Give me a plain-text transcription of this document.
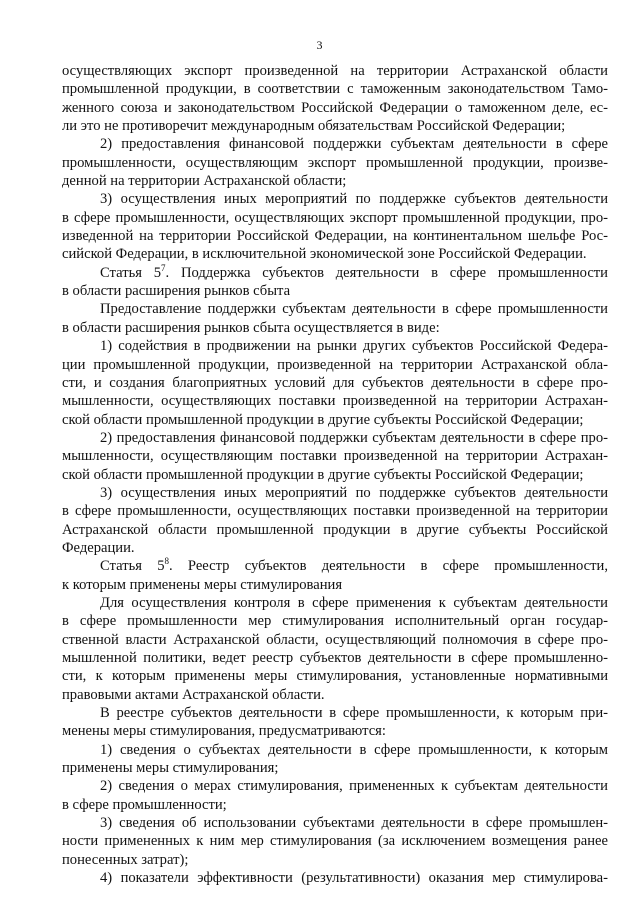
3
осуществляющих экспорт произведенной на территории Астраханской области
промышленной продукции, в соответствии с таможенным законодательством Тамо-
женного союза и законодательством Российской Федерации о таможенном деле, ес-
ли это не противоречит международным обязательствам Российской Федерации;
2) предоставления финансовой поддержки субъектам деятельности в сфере
промышленности, осуществляющим экспорт промышленной продукции, произве-
денной на территории Астраханской области;
3) осуществления иных мероприятий по поддержке субъектов деятельности
в сфере промышленности, осуществляющих экспорт промышленной продукции, про-
изведенной на территории Российской Федерации, на континентальном шельфе Рос-
сийской Федерации, в исключительной экономической зоне Российской Федерации.
Статья $5^7$. Поддержка субъектов деятельности в сфере промышленности
в области расширения рынков сбыта
Предоставление поддержки субъектам деятельности в сфере промышленности
в области расширения рынков сбыта осуществляется в виде:
1) содействия в продвижении на рынки других субъектов Российской Федера-
ции промышленной продукции, произведенной на территории Астраханской обла-
сти, и создания благоприятных условий для субъектов деятельности в сфере про-
мышленности, осуществляющих поставки произведенной на территории Астрахан-
ской области промышленной продукции в другие субъекты Российской Федерации;
2) предоставления финансовой поддержки субъектам деятельности в сфере про-
мышленности, осуществляющим поставки произведенной на территории Астрахан-
ской области промышленной продукции в другие субъекты Российской Федерации;
3) осуществления иных мероприятий по поддержке субъектов деятельности
в сфере промышленности, осуществляющих поставки произведенной на территории
Астраханской области промышленной продукции в другие субъекты Российской
Федерации.
Статья $5^8$. Реестр субъектов деятельности в сфере промышленности,
к которым применены меры стимулирования
Для осуществления контроля в сфере применения к субъектам деятельности
в сфере промышленности мер стимулирования исполнительный орган государ-
ственной власти Астраханской области, осуществляющий полномочия в сфере про-
мышленной политики, ведет реестр субъектов деятельности в сфере промышленно-
сти, к которым применены меры стимулирования, установленные нормативными
правовыми актами Астраханской области.
В реестре субъектов деятельности в сфере промышленности, к которым при-
менены меры стимулирования, предусматриваются:
1) сведения о субъектах деятельности в сфере промышленности, к которым
применены меры стимулирования;
2) сведения о мерах стимулирования, примененных к субъектам деятельности
в сфере промышленности;
3) сведения об использовании субъектами деятельности в сфере промышлен-
ности примененных к ним мер стимулирования (за исключением возмещения ранее
понесенных затрат);
4) показатели эффективности (результативности) оказания мер стимулирова-
